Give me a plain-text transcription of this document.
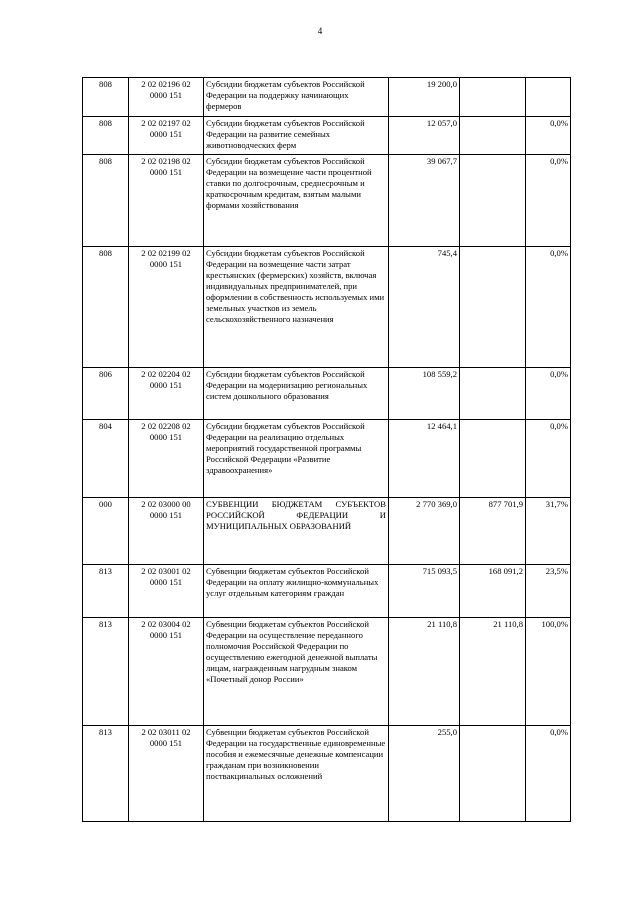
4
808	2 02 02196 02
0000 151	Субсидии бюджетам субъектов Российской Федерации на поддержку начинающих фермеров	19 200,0		
808	2 02 02197 02
0000 151	Субсидии бюджетам субъектов Российской Федерации на развитие семейных животноводческих ферм	12 057,0		0,0%
808	2 02 02198 02
0000 151	Субсидии бюджетам субъектов Российской Федерации на возмещение части процентной ставки по долгосрочным, среднесрочным и краткосрочным кредитам, взятым малыми формами хозяйствования	39 067,7		0,0%
808	2 02 02199 02
0000 151	Субсидии бюджетам субъектов Российской Федерации на возмещение части затрат крестьянских (фермерских) хозяйств, включая индивидуальных предпринимателей, при оформлении в собственность используемых ими земельных участков из земель сельскохозяйственного назначения	745,4		0,0%
806	2 02 02204 02
0000 151	Субсидии бюджетам субъектов Российской Федерации на модернизацию региональных систем дошкольного образования	108 559,2		0,0%
804	2 02 02208 02
0000 151	Субсидии бюджетам субъектов Российской Федерации на реализацию отдельных мероприятий государственной программы Российской Федерации «Развитие здравоохранения»	12 464,1		0,0%
000	2 02 03000 00
0000 151	СУБВЕНЦИИ БЮДЖЕТАМ СУБЪЕКТОВ РОССИЙСКОЙ ФЕДЕРАЦИИ И МУНИЦИПАЛЬНЫХ ОБРАЗОВАНИЙ	2 770 369,0	877 701,9	31,7%
813	2 02 03001 02
0000 151	Субвенции бюджетам субъектов Российской Федерации на оплату жилищно-коммунальных услуг отдельным категориям граждан	715 093,5	168 091,2	23,5%
813	2 02 03004 02
0000 151	Субвенции бюджетам субъектов Российской Федерации на осуществление переданного полномочия Российской Федерации по осуществлению ежегодной денежной выплаты лицам, награжденным нагрудным знаком «Почетный донор России»	21 110,8	21 110,8	100,0%
813	2 02 03011 02
0000 151	Субвенции бюджетам субъектов Российской Федерации на государственные единовременные пособия и ежемесячные денежные компенсации гражданам при возникновении поствакцинальных осложнений	255,0		0,0%
